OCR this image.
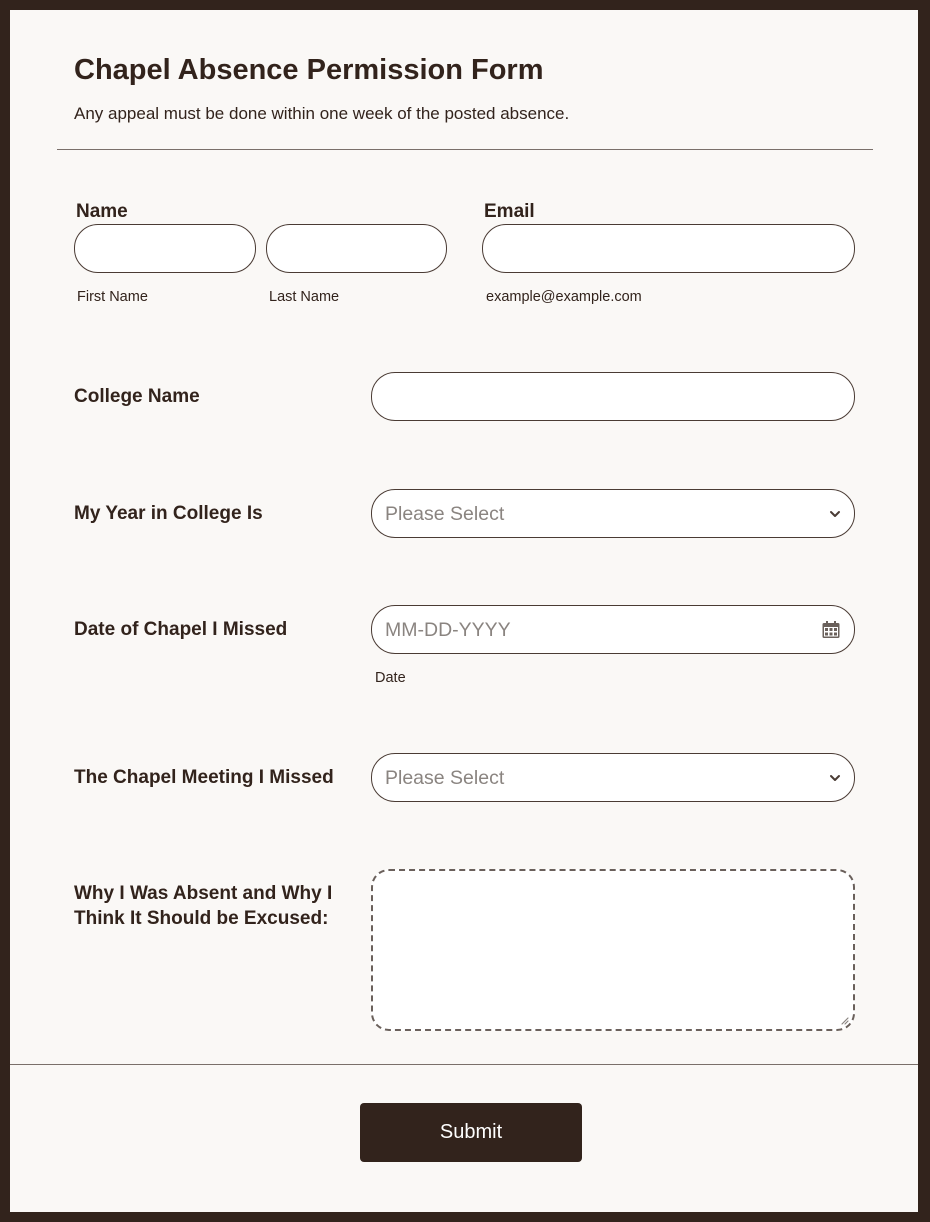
Chapel Absence Permission Form

Any appeal must be done within one week of the posted absence.

Name
First Name	Last Name
Email
example@example.com
College Name
My Year in College Is	Please Select
Date of Chapel I Missed	MM-DD-YYYY
Date
The Chapel Meeting I Missed	Please Select
Why I Was Absent and Why I
Think It Should be Excused:
Submit
